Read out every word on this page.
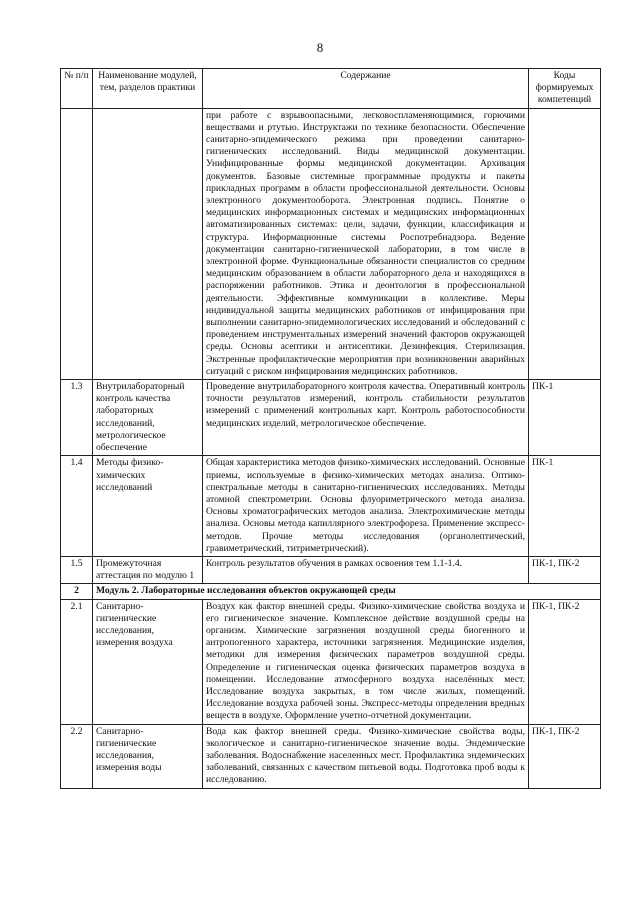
8
№ п/п	Наименование модулей, тем, разделов практики	Содержание	Коды формируемых компетенций
		при работе с взрывоопасными, легковоспламеняющимися, горючими веществами и ртутью. Инструктажи по технике безопасности. Обеспечение санитарно-эпидемического режима при проведении санитарно-гигиенических исследований. Виды медицинской документации. Унифицированные формы медицинской документации. Архивация документов. Базовые системные программные продукты и пакеты прикладных программ в области профессиональной деятельности. Основы электронного документооборота. Электронная подпись. Понятие о медицинских информационных системах и медицинских информационных автоматизированных системах: цели, задачи, функции, классификация и структура. Информационные системы Роспотребнадзора. Ведение документации санитарно-гигиенической лаборатории, в том числе в электронной форме. Функциональные обязанности специалистов со средним медицинским образованием в области лабораторного дела и находящихся в распоряжении работников. Этика и деонтология в профессиональной деятельности. Эффективные коммуникации в коллективе. Меры индивидуальной защиты медицинских работников от инфицирования при выполнении санитарно-эпидемиологических исследований и обследований с проведением инструментальных измерений значений факторов окружающей среды. Основы асептики и антисептики. Дезинфекция. Стерилизация. Экстренные профилактические мероприятия при возникновении аварийных ситуаций с риском инфицирования медицинских работников.	
1.3	Внутрилабораторный контроль качества лабораторных исследований, метрологическое обеспечение	Проведение внутрилабораторного контроля качества. Оперативный контроль точности результатов измерений, контроль стабильности результатов измерений с применений контрольных карт. Контроль работоспособности медицинских изделий, метрологическое обеспечение.	ПК-1
1.4	Методы физико-химических исследований	Общая характеристика методов физико-химических исследований. Основные приемы, используемые в физико-химических методах анализа. Оптико-спектральные методы в санитарно-гигиенических исследованиях. Методы атомной спектрометрии. Основы флуориметрического метода анализа. Основы хроматографических методов анализа. Электрохимические методы анализа. Основы метода капиллярного электрофореза. Применение экспресс-методов. Прочие методы исследования (органолептический, гравиметрический, титриметрический).	ПК-1
1.5	Промежуточная аттестация по модулю 1	Контроль результатов обучения в рамках освоения тем 1.1-1.4.	ПК-1, ПК-2
2	Модуль 2. Лабораторные исследования объектов окружающей среды		
2.1	Санитарно-гигиенические исследования, измерения воздуха	Воздух как фактор внешней среды. Физико-химические свойства воздуха и его гигиеническое значение. Комплексное действие воздушной среды на организм. Химические загрязнения воздушной среды биогенного и антропогенного характера, источники загрязнения. Медицинские изделия, методики для измерения физических параметров воздушной среды. Определение и гигиеническая оценка физических параметров воздуха в помещении. Исследование атмосферного воздуха населённых мест. Исследование воздуха закрытых, в том числе жилых, помещений. Исследование воздуха рабочей зоны. Экспресс-методы определения вредных веществ в воздухе. Оформление учетно-отчетной документации.	ПК-1, ПК-2
2.2	Санитарно-гигиенические исследования, измерения воды	Вода как фактор внешней среды. Физико-химические свойства воды, экологическое и санитарно-гигиеническое значение воды. Эндемические заболевания. Водоснабжение населенных мест. Профилактика эндемических заболеваний, связанных с качеством питьевой воды. Подготовка проб воды к исследованию.	ПК-1, ПК-2
